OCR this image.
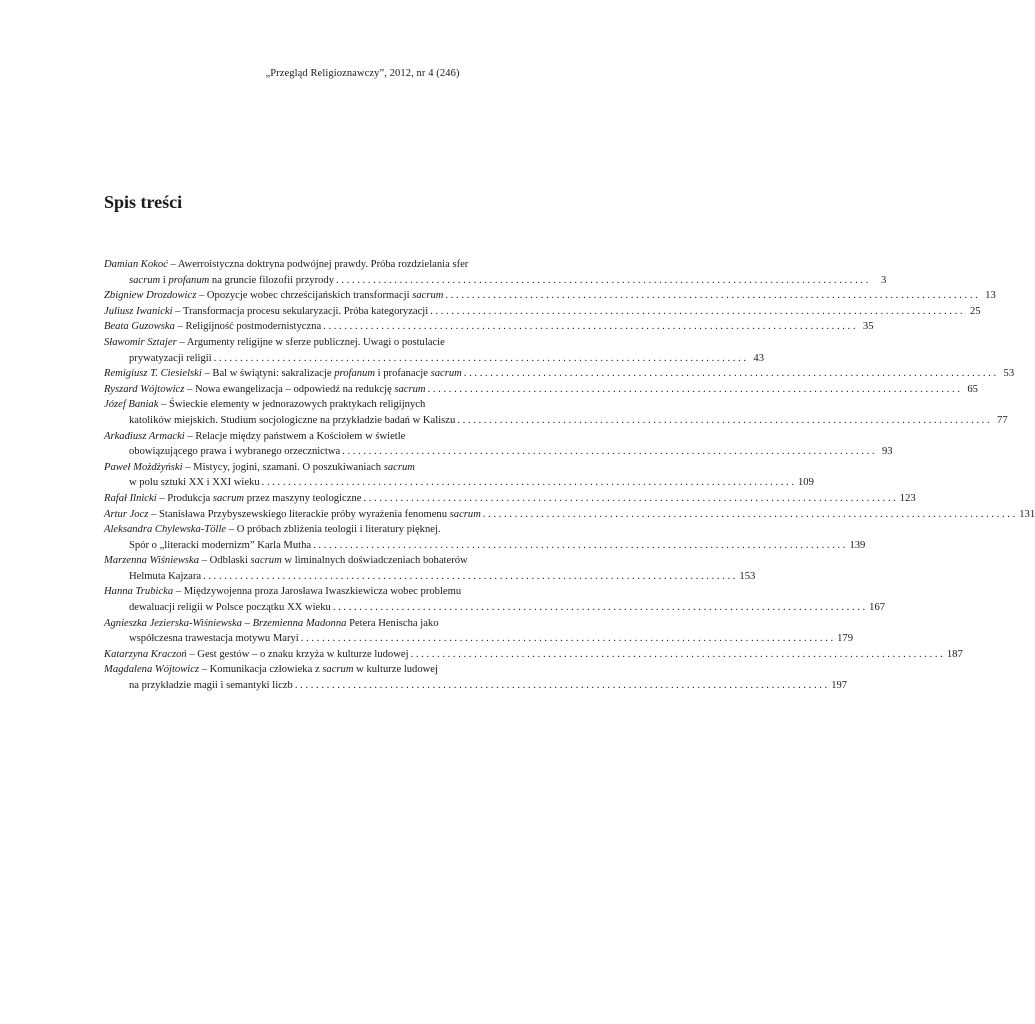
„Przegląd Religioznawczy”, 2012, nr 4 (246)
Spis treści
Damian Kokoć – Awerroistyczna doktryna podwójnej prawdy. Próba rozdzielania sfer
sacrum i profanum na gruncie filozofii przyrody . . .	3
Zbigniew Drozdowicz – Opozycje wobec chrześcijańskich transformacji sacrum . . .	13
Juliusz Iwanicki – Transformacja procesu sekularyzacji. Próba kategoryzacji . . .	25
Beata Guzowska – Religijność postmodernistyczna . . .	35
Sławomir Sztajer – Argumenty religijne w sferze publicznej. Uwagi o postulacie
prywatyzacji religii . . .	43
Remigiusz T. Ciesielski – Bal w świątyni: sakralizacje profanum i profanacje sacrum . . .	53
Ryszard Wójtowicz – Nowa ewangelizacja – odpowiedź na redukcję sacrum . . .	65
Józef Baniak – Świeckie elementy w jednorazowych praktykach religijnych
katolików miejskich. Studium socjologiczne na przykładzie badań w Kaliszu . . .	77
Arkadiusz Armacki – Relacje między państwem a Kościołem w świetle
obowiązującego prawa i wybranego orzecznictwa . . .	93
Paweł Możdżyński – Mistycy, jogini, szamani. O poszukiwaniach sacrum
w polu sztuki XX i XXI wieku . . .	109
Rafał Ilnicki – Produkcja sacrum przez maszyny teologiczne . . .	123
Artur Jocz – Stanisława Przybyszewskiego literackie próby wyrażenia fenomenu sacrum . . .	131
Aleksandra Chylewska-Tölle – O próbach zbliżenia teologii i literatury pięknej.
Spór o „literacki modernizm” Karla Mutha . . .	139
Marzenna Wiśniewska – Odblaski sacrum w liminalnych doświadczeniach bohaterów
Helmuta Kajzara . . .	153
Hanna Trubicka – Międzywojenna proza Jarosława Iwaszkiewicza wobec problemu
dewaluacji religii w Polsce początku XX wieku . . .	167
Agnieszka Jezierska-Wiśniewska – Brzemienna Madonna Petera Henischa jako
współczesna trawestacja motywu Maryi . . .	179
Katarzyna Kraczoń – Gest gestów – o znaku krzyża w kulturze ludowej . . .	187
Magdalena Wójtowicz – Komunikacja człowieka z sacrum w kulturze ludowej
na przykładzie magii i semantyki liczb . . .	197
